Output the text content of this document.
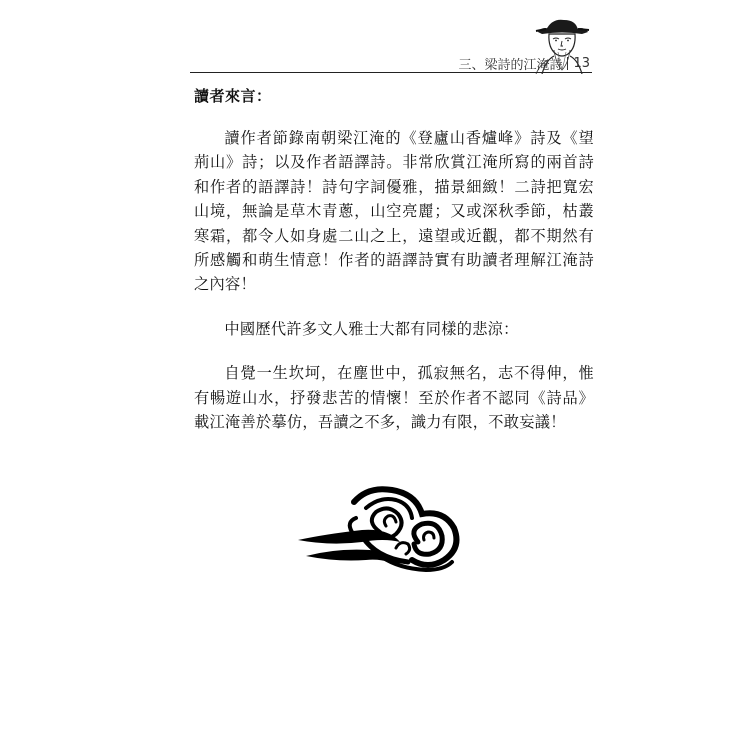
三、梁詩的江淹詩 13
讀者來言：

讀作者節錄南朝梁江淹的《登廬山香爐峰》詩及《望荊山》詩；以及作者語譯詩。非常欣賞江淹所寫的兩首詩和作者的語譯詩！詩句字詞優雅，描景細緻！二詩把寬宏山境，無論是草木青蔥，山空亮麗；又或深秋季節，枯叢寒霜，都令人如身處二山之上，遠望或近觀，都不期然有所感觸和萌生情意！作者的語譯詩實有助讀者理解江淹詩之內容！

中國歷代許多文人雅士大都有同樣的悲涼：

自覺一生坎坷，在塵世中，孤寂無名，志不得伸，惟有暢遊山水，抒發悲苦的情懷！至於作者不認同《詩品》載江淹善於摹仿，吾讀之不多，識力有限，不敢妄議！
